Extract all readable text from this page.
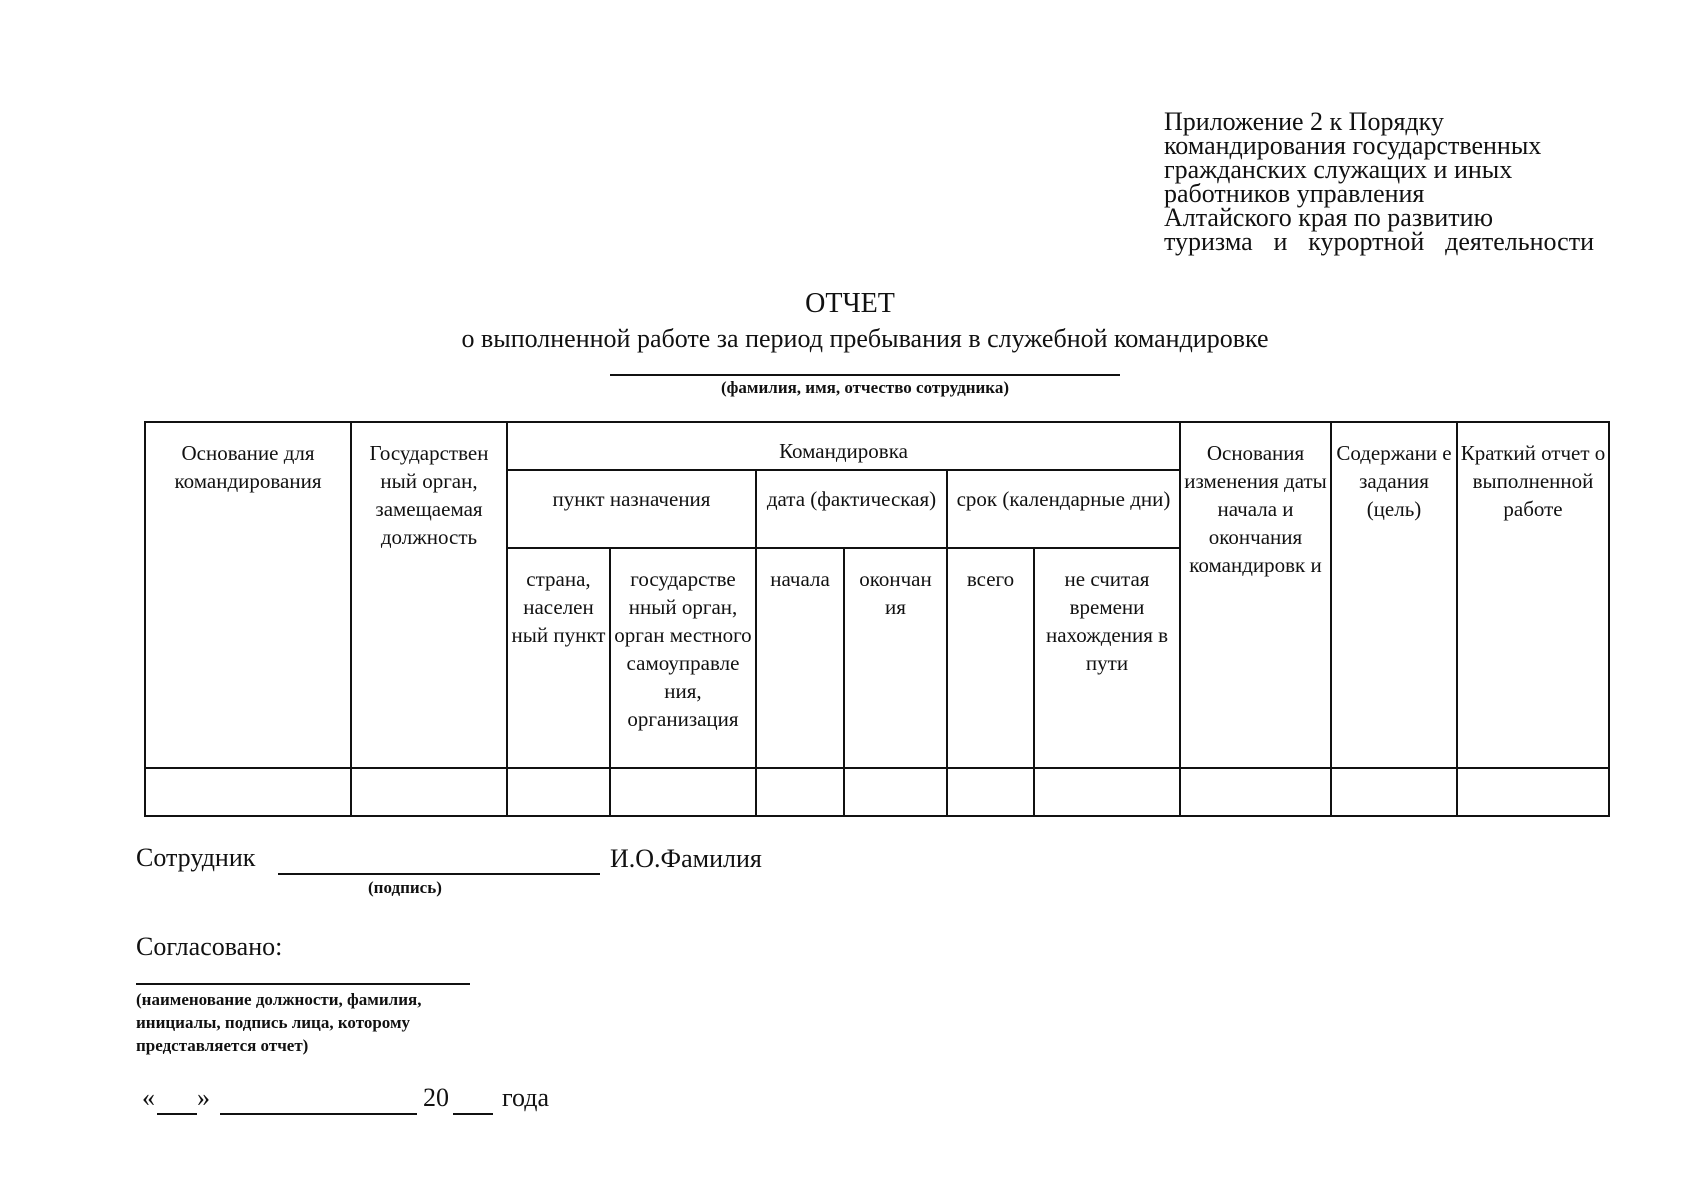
Приложение 2 к Порядку
командирования государственных
гражданских служащих и иных
работников управления
Алтайского края по развитию
туризма и курортной деятельности
ОТЧЕТ
о выполненной работе за период пребывания в служебной командировке
(фамилия, имя, отчество сотрудника)
Основание для командирования	Государствен ный орган, замещаемая должность	Командировка						Основания изменения даты начала и окончания командировк и	Содержани е задания (цель)	Краткий отчет о выполненной работе
		пункт назначения		дата (фактическая)		срок (календарные дни)				
		страна, населен ный пункт	государстве нный орган, орган местного самоуправле ния, организация	начала	окончан ия	всего	не считая времени нахождения в пути			

Сотрудник	И.О.Фамилия
(подпись)
Согласовано:
(наименование должности, фамилия,
инициалы, подпись лица, которому
представляется отчет)
« »	20 года
